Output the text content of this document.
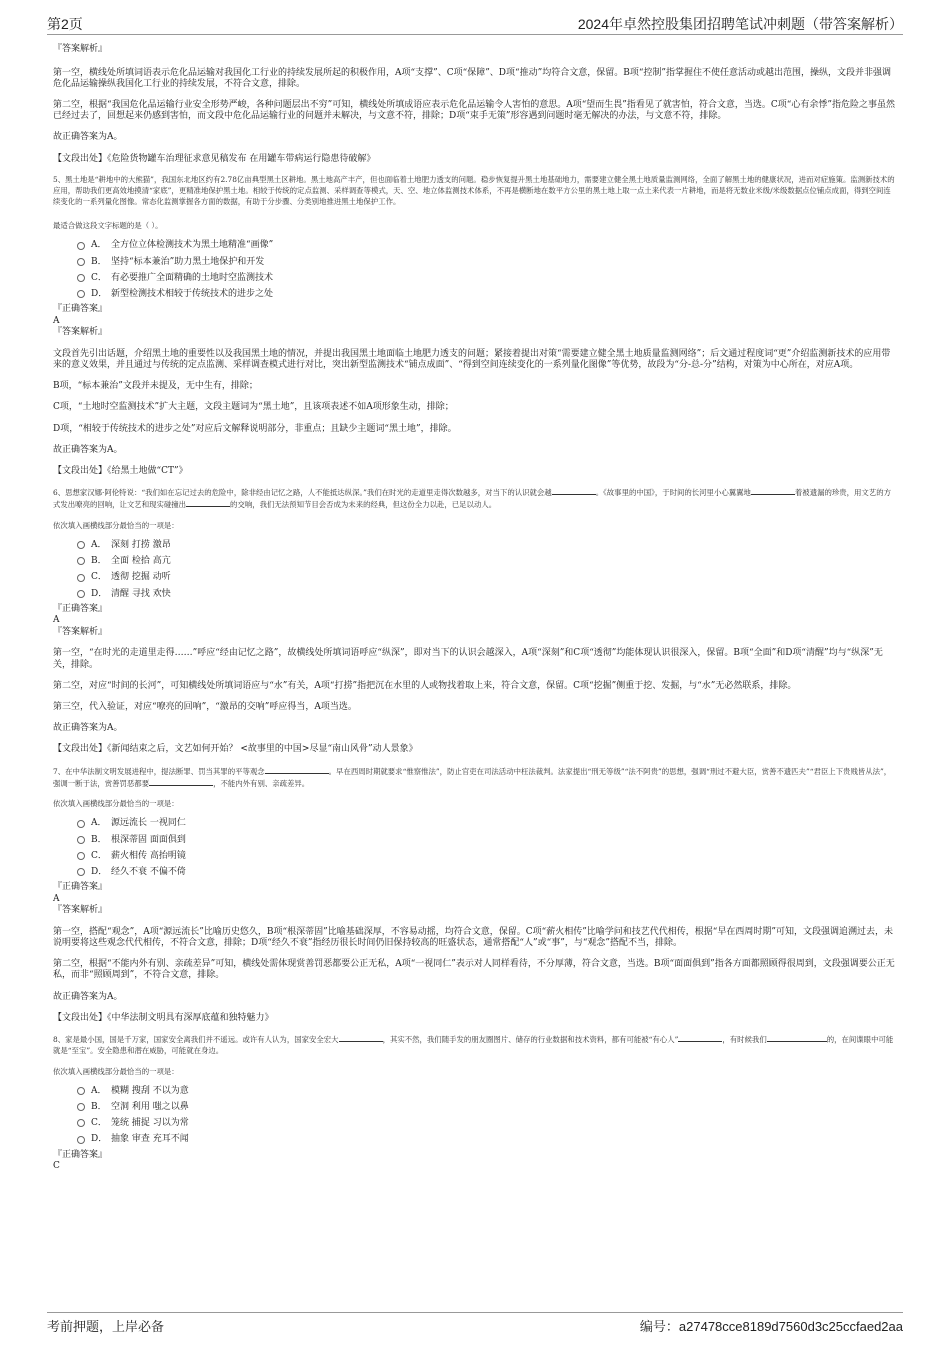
第2页	2024年卓然控股集团招聘笔试冲刺题（带答案解析）

『答案解析』

第一空，横线处所填词语表示危化品运输对我国化工行业的持续发展所起的积极作用，A项“支撑”、C项“保障”、D项“推动”均符合文意，保留。B项“控制”指掌握住不使任意活动或越出范围，操纵，文段并非强调危化品运输操纵我国化工行业的持续发展，不符合文意，排除。

第二空，根据“我国危化品运输行业安全形势严峻，各种问题层出不穷”可知，横线处所填成语应表示危化品运输令人害怕的意思。A项“望而生畏”指看见了就害怕，符合文意，当选。C项“心有余悸”指危险之事虽然已经过去了，回想起来仍感到害怕，而文段中危化品运输行业的问题并未解决，与文意不符，排除；D项“束手无策”形容遇到问题时毫无解决的办法，与文意不符，排除。

故正确答案为A。

【文段出处】《危险货物罐车治理征求意见稿发布 在用罐车带病运行隐患待破解》

5、黑土地是“耕地中的大熊猫”，我国东北地区约有2.78亿亩典型黑土区耕地。黑土地高产丰产，但也面临着土地肥力透支的问题。稳步恢复提升黑土地基础地力，需要建立健全黑土地质量监测网络，全面了解黑土地的健康状况，进而对症施策。监测新技术的应用，帮助我们更高效地摸清“家底”，更精准地保护黑土地。相较于传统的定点监测、采样调查等模式，天、空、地立体监测技术体系，不再是横断地在数平方公里的黑土地上取一点土来代表一片耕地，而是将无数业米级/米级数据点位铺点成面，得到空间连续变化的一系列量化图像。常态化监测掌握各方面的数据，有助于分步骤、分类别地推进黑土地保护工作。

最适合做这段文字标题的是（ ）。

A． 全方位立体检测技术为黑土地精准“画像”
B． 坚持“标本兼治”助力黑土地保护和开发
C． 有必要推广全面精确的土地时空监测技术
D． 新型检测技术相较于传统技术的进步之处

『正确答案』

A

『答案解析』

文段首先引出话题，介绍黑土地的重要性以及我国黑土地的情况，并提出我国黑土地面临土地肥力透支的问题；紧接着提出对策“需要建立健全黑土地质量监测网络”；后文通过程度词“更”介绍监测新技术的应用带来的意义效果，并且通过与传统的定点监测、采样调查模式进行对比，突出新型监测技术“铺点成面”、“得到空间连续变化的一系列量化图像”等优势，故段为“分-总-分”结构，对策为中心所在，对应A项。

B项，“标本兼治”文段并未提及，无中生有，排除；

C项，“土地时空监测技术”扩大主题，文段主题词为“黑土地”，且该项表述不如A项形象生动，排除；

D项，“相较于传统技术的进步之处”对应后文解释说明部分，非重点；且缺少主题词“黑土地”，排除。

故正确答案为A。

【文段出处】《给黑土地做“CT”》

6、思想家汉娜·阿伦特说：“我们如在忘记过去的危险中，除非经由记忆之路，人不能抵达纵深。”我们在时光的走道里走得次数越多，对当下的认识就会越	。《故事里的中国》，于时间的长河里小心翼翼地	着被遗漏的珍贵，用文艺的方式发出嘹亮的回响，让文艺和现实碰撞出	的交响，我们无法预知节目会否成为未来的经典，但这份全力以赴，已足以动人。

依次填入画横线部分最恰当的一项是：

A． 深刻 打捞 激昂
B． 全面 检拾 高亢
C． 透彻 挖掘 动听
D． 清醒 寻找 欢快

『正确答案』

A

『答案解析』

第一空，“在时光的走道里走得……”呼应“经由记忆之路”，故横线处所填词语呼应“纵深”，即对当下的认识会越深入，A项“深刻”和C项“透彻”均能体现认识很深入，保留。B项“全面”和D项“清醒”均与“纵深”无关，排除。

第二空，对应“时间的长河”，可知横线处所填词语应与“水”有关，A项“打捞”指把沉在水里的人或物找着取上来，符合文意，保留。C项“挖掘”侧重于挖、发掘，与“水”无必然联系，排除。

第三空，代入验证，对应“嘹亮的回响”，“激昂的交响”呼应得当，A项当选。

故正确答案为A。

【文段出处】《新闻结束之后，文艺如何开始？ <故事里的中国>尽显“南山风骨”动人景象》

7、在中华法制文明发展进程中，提法断罪、罚当其罪的平等观念	。早在西周时期就要求“惟察惟法”，防止官吏在司法活动中枉法裁判。法家提出“刑无等级”“法不阿贵”的思想，强调“刑过不避大臣，赏善不遗匹夫”“君臣上下贵贱皆从法”，强调一断于法，赏善罚恶都要	，不能内外有别、亲疏差异。

依次填入画横线部分最恰当的一项是：

A． 源远流长 一视同仁
B． 根深蒂固 面面俱到
C． 薪火相传 高抬明镜
D． 经久不衰 不偏不倚

『正确答案』

A

『答案解析』

第一空，搭配“观念”，A项“源远流长”比喻历史悠久，B项“根深蒂固”比喻基础深厚，不容易动摇，均符合文意，保留。C项“薪火相传”比喻学问和技艺代代相传，根据“早在西周时期”可知，文段强调追溯过去，未说明要将这些观念代代相传，不符合文意，排除；D项“经久不衰”指经历很长时间仍旧保持较高的旺盛状态，通常搭配“人”或“事”，与“观念”搭配不当，排除。

第二空，根据“不能内外有别、亲疏差异”可知，横线处需体现赏善罚恶都要公正无私，A项“一视同仁”表示对人同样看待，不分厚薄，符合文意，当选。B项“面面俱到”指各方面都照顾得很周到，文段强调要公正无私，而非“照顾周到”，不符合文意，排除。

故正确答案为A。

【文段出处】《中华法制文明具有深厚底蕴和独特魅力》

8、家是最小国，国是千万家，国家安全离我们并不遥远。或许有人认为，国家安全宏大	，其实不然，我们随手发的朋友圈图片、储存的行业数据和技术资料，都有可能被“有心人”	，有时候我们	的，在间谍眼中可能就是“至宝”。安全隐患和潜在威胁，可能就在身边。

依次填入画横线部分最恰当的一项是：

A． 模糊 搜刮 不以为意
B． 空洞 利用 嗤之以鼻
C． 笼统 捕捉 习以为常
D． 抽象 审查 充耳不闻

『正确答案』

C

考前押题，上岸必备	编号：a27478cce8189d7560d3c25ccfaed2aa
